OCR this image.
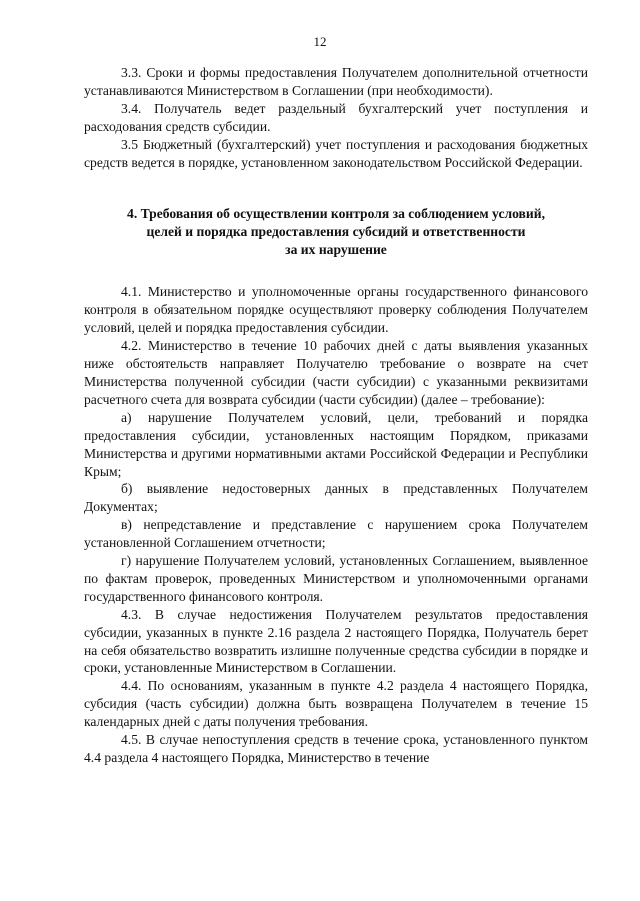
12

3.3. Сроки и формы предоставления Получателем дополнительной отчетности устанавливаются Министерством в Соглашении (при необходимости).

3.4. Получатель ведет раздельный бухгалтерский учет поступления и расходования средств субсидии.

3.5 Бюджетный (бухгалтерский) учет поступления и расходования бюджетных средств ведется в порядке, установленном законодательством Российской Федерации.

4. Требования об осуществлении контроля за соблюдением условий,
целей и порядка предоставления субсидий и ответственности
за их нарушение

4.1. Министерство и уполномоченные органы государственного финансового контроля в обязательном порядке осуществляют проверку соблюдения Получателем условий, целей и порядка предоставления субсидии.

4.2. Министерство в течение 10 рабочих дней с даты выявления указанных ниже обстоятельств направляет Получателю требование о возврате на счет Министерства полученной субсидии (части субсидии) с указанными реквизитами расчетного счета для возврата субсидии (части субсидии) (далее – требование):

а) нарушение Получателем условий, цели, требований и порядка предоставления субсидии, установленных настоящим Порядком, приказами Министерства и другими нормативными актами Российской Федерации и Республики Крым;

б) выявление недостоверных данных в представленных Получателем Документах;

в) непредставление и представление с нарушением срока Получателем установленной Соглашением отчетности;

г) нарушение Получателем условий, установленных Соглашением, выявленное по фактам проверок, проведенных Министерством и уполномоченными органами государственного финансового контроля.

4.3. В случае недостижения Получателем результатов предоставления субсидии, указанных в пункте 2.16 раздела 2 настоящего Порядка, Получатель берет на себя обязательство возвратить излишне полученные средства субсидии в порядке и сроки, установленные Министерством в Соглашении.

4.4. По основаниям, указанным в пункте 4.2 раздела 4 настоящего Порядка, субсидия (часть субсидии) должна быть возвращена Получателем в течение 15 календарных дней с даты получения требования.

4.5. В случае непоступления средств в течение срока, установленного пунктом 4.4 раздела 4 настоящего Порядка, Министерство в течение
